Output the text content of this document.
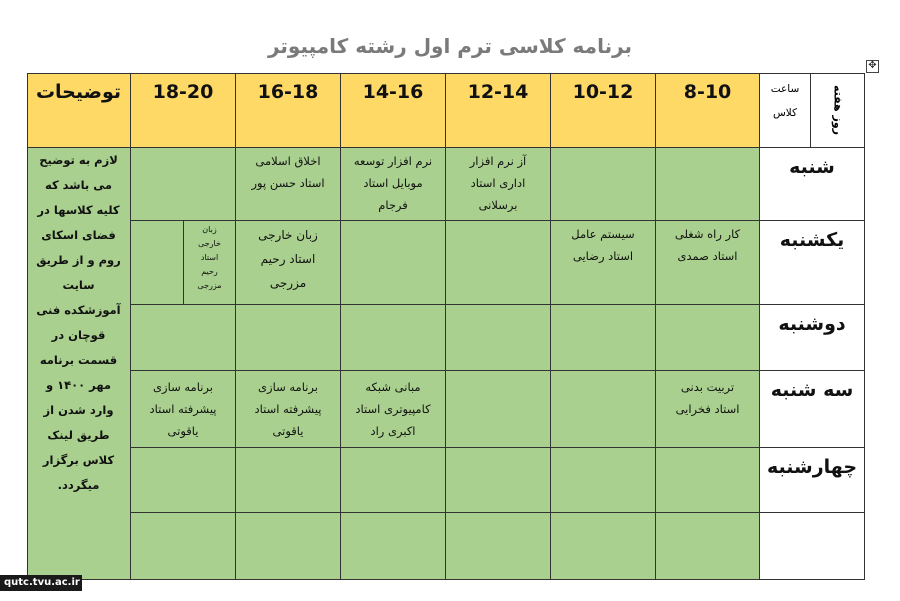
برنامه کلاسی ترم اول رشته کامپیوتر
✥
روز هفته
ساعت کلاس
8-10
10-12
12-14
14-16
16-18
18-20
توضیحات
شنبه
یکشنبه
دوشنبه
سه شنبه
چهارشنبه
آز نرم افزار اداری استاد برسلانی
نرم افزار توسعه موبایل استاد فرجام
اخلاق اسلامی استاد حسن پور
کار راه شغلی استاد صمدی
سیستم عامل استاد رضایی
زبان خارجی استاد رحیم مزرجی
زبان خارجی استاد رحیم مزرجی
تربیت بدنی استاد فخرایی
مبانی شبکه کامپیوتری استاد اکبری راد
برنامه سازی پیشرفته استاد یاقوتی
برنامه سازی پیشرفته استاد یاقوتی
لازم به توضیح می باشد که کلیه کلاسها در فضای اسکای روم و از طریق سایت آموزشکده فنی قوچان در قسمت برنامه مهر ۱۴۰۰ و وارد شدن از طریق لینک کلاس برگزار میگردد.
qutc.tvu.ac.ir
